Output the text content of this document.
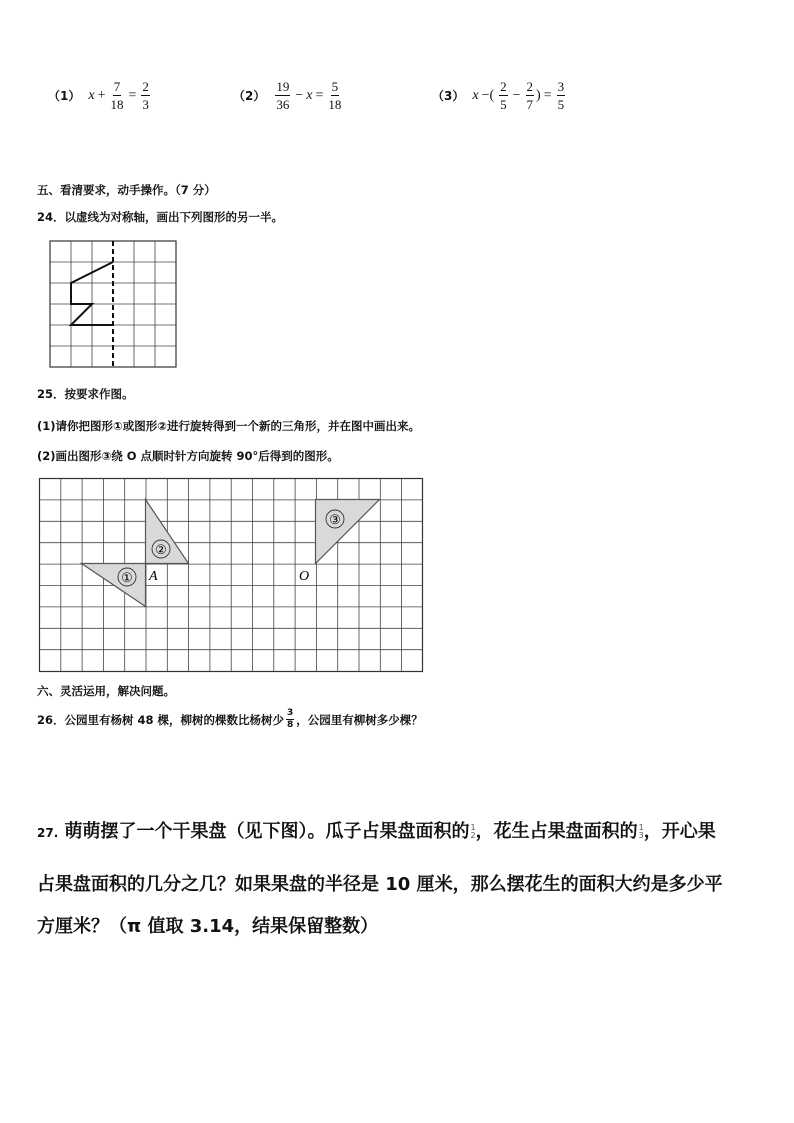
（1） $x + \frac{7}{18} = \frac{2}{3}$	$(2) \frac{19}{36} - x = \frac{5}{18}$	（3） x −( $\frac{2}{5} - \frac{2}{7}$ ) = $\frac{3}{5}$
五、看清要求，动手操作。（7 分）
24．以虚线为对称轴，画出下列图形的另一半。
25．按要求作图。
(1)请你把图形①或图形②进行旋转得到一个新的三角形，并在图中画出来。
(2)画出图形③绕 O 点顺时针方向旋转 90°后得到的图形。
①
②
③
A	O
六、灵活运用，解决问题。
26．公园里有杨树 48 棵，柳树的棵数比杨树少 $\frac{3}{8}$ ，公园里有柳树多少棵？
27. 萌萌摆了一个干果盘（见下图）。瓜子占果盘面积的 1
2 ，花生占果盘面积的 1
3 ，开心果
占果盘面积的几分之几？如果果盘的半径是 10 厘米，那么摆花生的面积大约是多少平
方厘米？（π 值取 3.14，结果保留整数）
